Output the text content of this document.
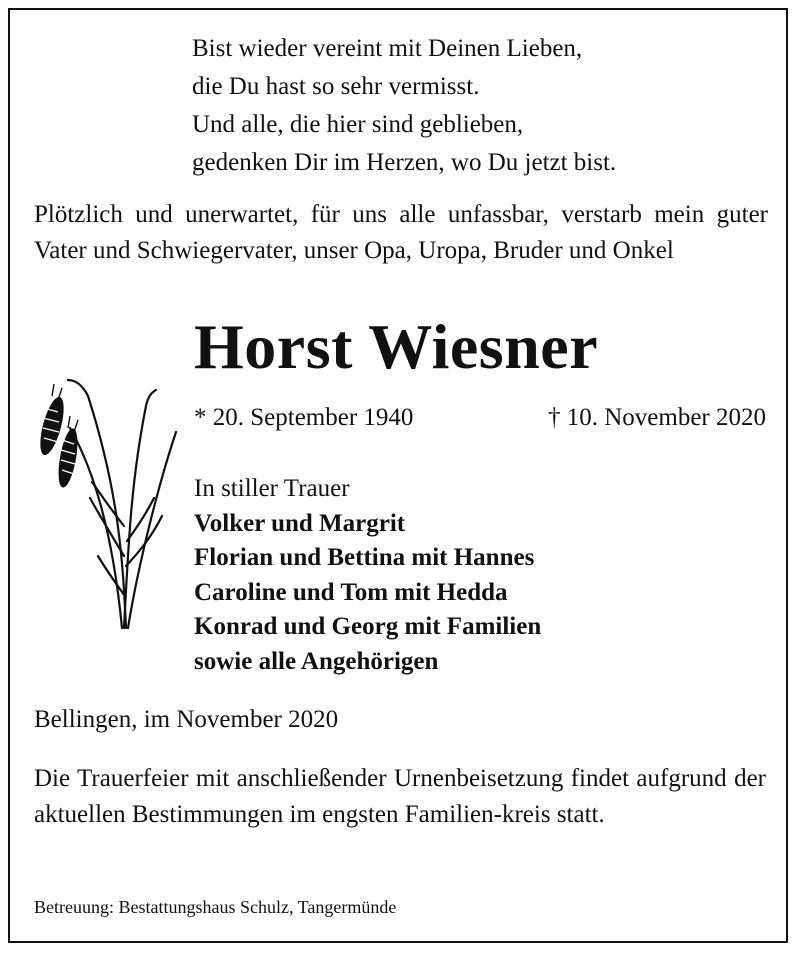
Bist wieder vereint mit Deinen Lieben,
die Du hast so sehr vermisst.
Und alle, die hier sind geblieben,
gedenken Dir im Herzen, wo Du jetzt bist.
Plötzlich und unerwartet, für uns alle unfassbar, verstarb mein guter Vater und Schwiegervater, unser Opa, Uropa, Bruder und Onkel
Horst Wiesner
* 20. September 1940	† 10. November 2020
In stiller Trauer
Volker und Margrit
Florian und Bettina mit Hannes
Caroline und Tom mit Hedda
Konrad und Georg mit Familien
sowie alle Angehörigen
Bellingen, im November 2020
Die Trauerfeier mit anschließender Urnenbeisetzung findet aufgrund der aktuellen Bestimmungen im engsten Familien-kreis statt.
Betreuung: Bestattungshaus Schulz, Tangermünde
